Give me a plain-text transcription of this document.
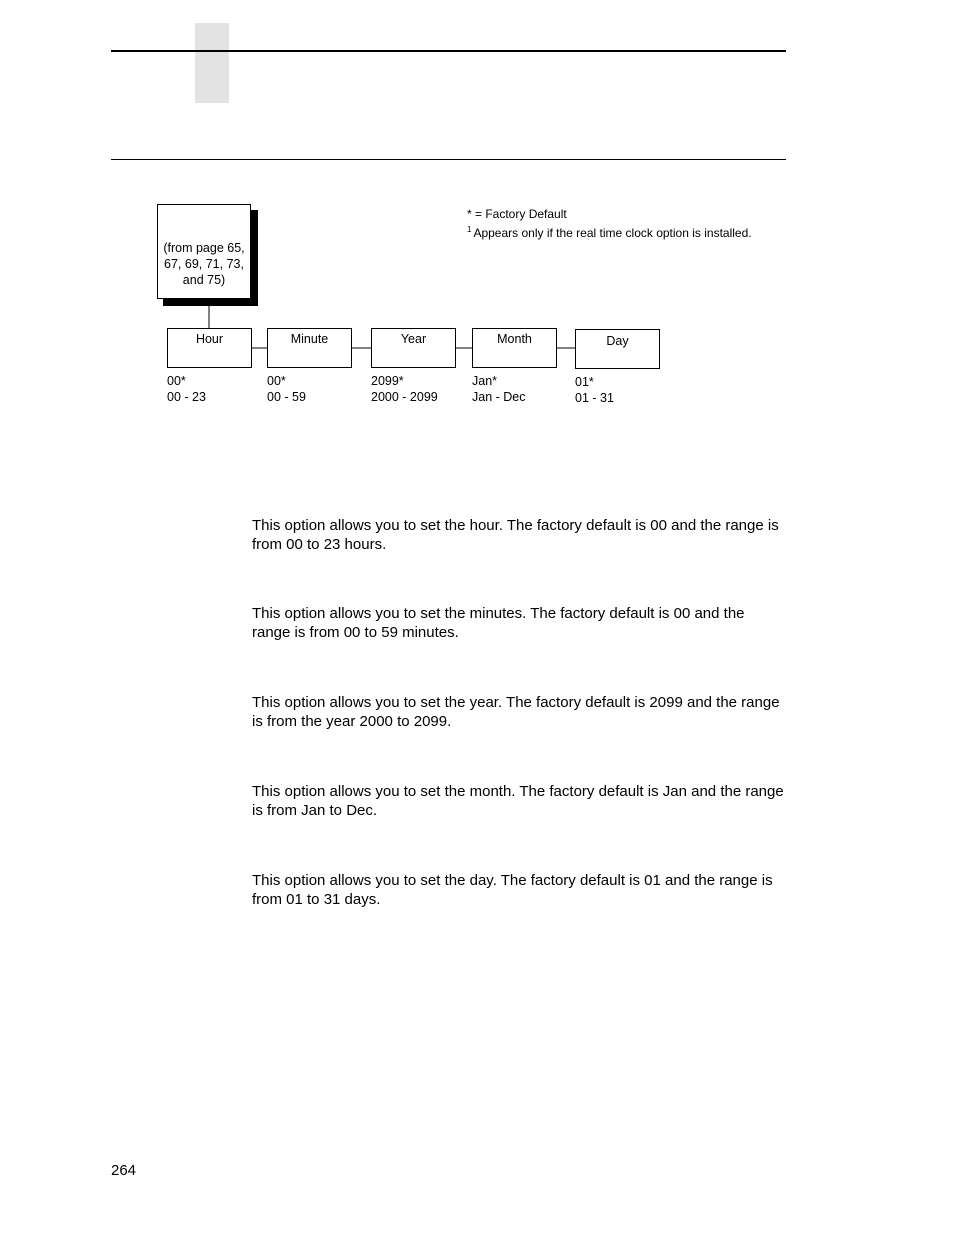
(from page 65, 67, 69, 71, 73, and 75)
* = Factory Default
$^1$ Appears only if the real time clock option is installed.
Hour	Minute	Year	Month	Day
00*
00 - 23
00*
00 - 59
2099*
2000 - 2099
Jan*
Jan - Dec
01*
01 - 31
This option allows you to set the hour. The factory default is 00 and the range is from 00 to 23 hours.
This option allows you to set the minutes. The factory default is 00 and the range is from 00 to 59 minutes.
This option allows you to set the year. The factory default is 2099 and the range is from the year 2000 to 2099.
This option allows you to set the month. The factory default is Jan and the range is from Jan to Dec.
This option allows you to set the day. The factory default is 01 and the range is from 01 to 31 days.
264
